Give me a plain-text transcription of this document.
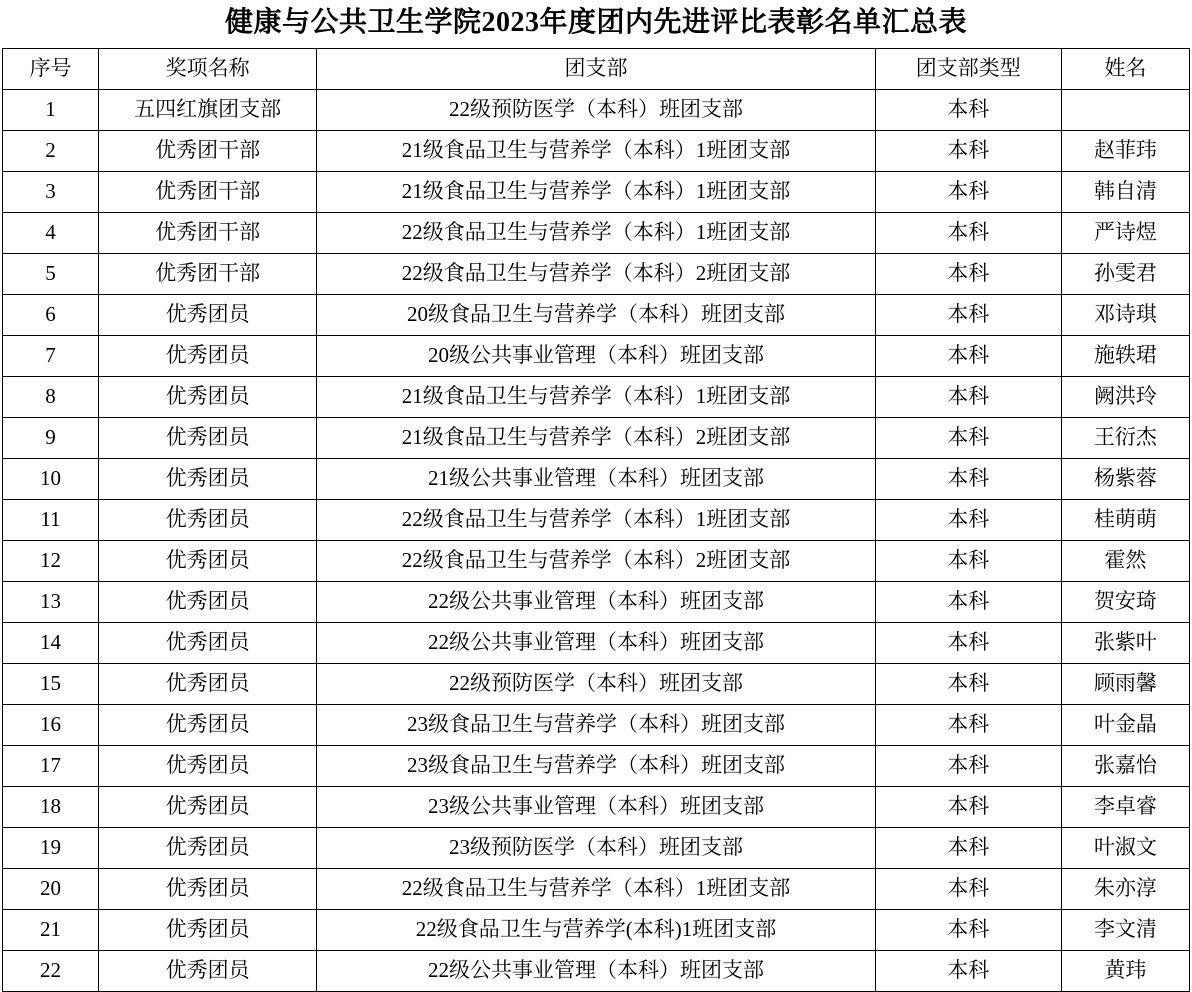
健康与公共卫生学院2023年度团内先进评比表彰名单汇总表
序号	奖项名称	团支部	团支部类型	姓名
1	五四红旗团支部	22级预防医学（本科）班团支部	本科	
2	优秀团干部	21级食品卫生与营养学（本科）1班团支部	本科	赵菲玮
3	优秀团干部	21级食品卫生与营养学（本科）1班团支部	本科	韩自清
4	优秀团干部	22级食品卫生与营养学（本科）1班团支部	本科	严诗煜
5	优秀团干部	22级食品卫生与营养学（本科）2班团支部	本科	孙雯君
6	优秀团员	20级食品卫生与营养学（本科）班团支部	本科	邓诗琪
7	优秀团员	20级公共事业管理（本科）班团支部	本科	施轶珺
8	优秀团员	21级食品卫生与营养学（本科）1班团支部	本科	阙洪玲
9	优秀团员	21级食品卫生与营养学（本科）2班团支部	本科	王衍杰
10	优秀团员	21级公共事业管理（本科）班团支部	本科	杨紫蓉
11	优秀团员	22级食品卫生与营养学（本科）1班团支部	本科	桂萌萌
12	优秀团员	22级食品卫生与营养学（本科）2班团支部	本科	霍然
13	优秀团员	22级公共事业管理（本科）班团支部	本科	贺安琦
14	优秀团员	22级公共事业管理（本科）班团支部	本科	张紫叶
15	优秀团员	22级预防医学（本科）班团支部	本科	顾雨馨
16	优秀团员	23级食品卫生与营养学（本科）班团支部	本科	叶金晶
17	优秀团员	23级食品卫生与营养学（本科）班团支部	本科	张嘉怡
18	优秀团员	23级公共事业管理（本科）班团支部	本科	李卓睿
19	优秀团员	23级预防医学（本科）班团支部	本科	叶淑文
20	优秀团员	22级食品卫生与营养学（本科）1班团支部	本科	朱亦淳
21	优秀团员	22级食品卫生与营养学(本科)1班团支部	本科	李文清
22	优秀团员	22级公共事业管理（本科）班团支部	本科	黄玮
